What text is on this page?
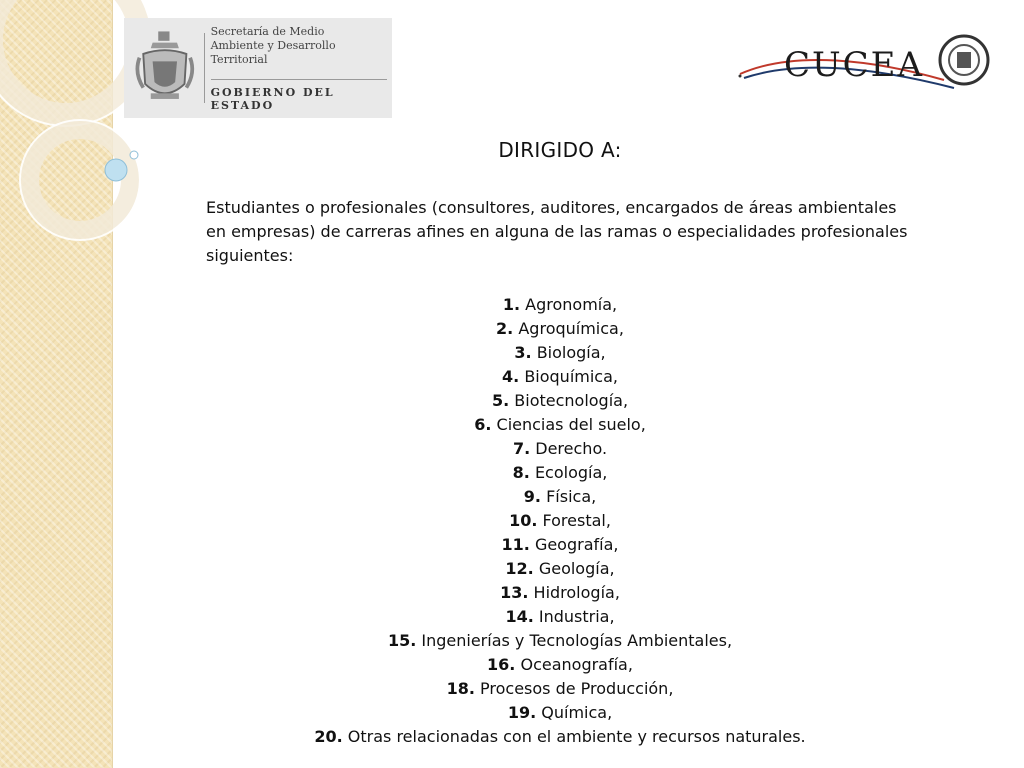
Secretaría de Medio
Ambiente y Desarrollo Territorial
GOBIERNO DEL ESTADO
CUCEA
DIRIGIDO A:
Estudiantes o profesionales (consultores, auditores, encargados de áreas ambientales en empresas) de carreras afines en alguna de las ramas o especialidades profesionales siguientes:
1. Agronomía,
2. Agroquímica,
3. Biología,
4. Bioquímica,
5. Biotecnología,
6. Ciencias del suelo,
7. Derecho.
8. Ecología,
9. Física,
10. Forestal,
11. Geografía,
12. Geología,
13. Hidrología,
14. Industria,
15. Ingenierías y Tecnologías Ambientales,
16. Oceanografía,
18. Procesos de Producción,
19. Química,
20. Otras relacionadas con el ambiente y recursos naturales.
